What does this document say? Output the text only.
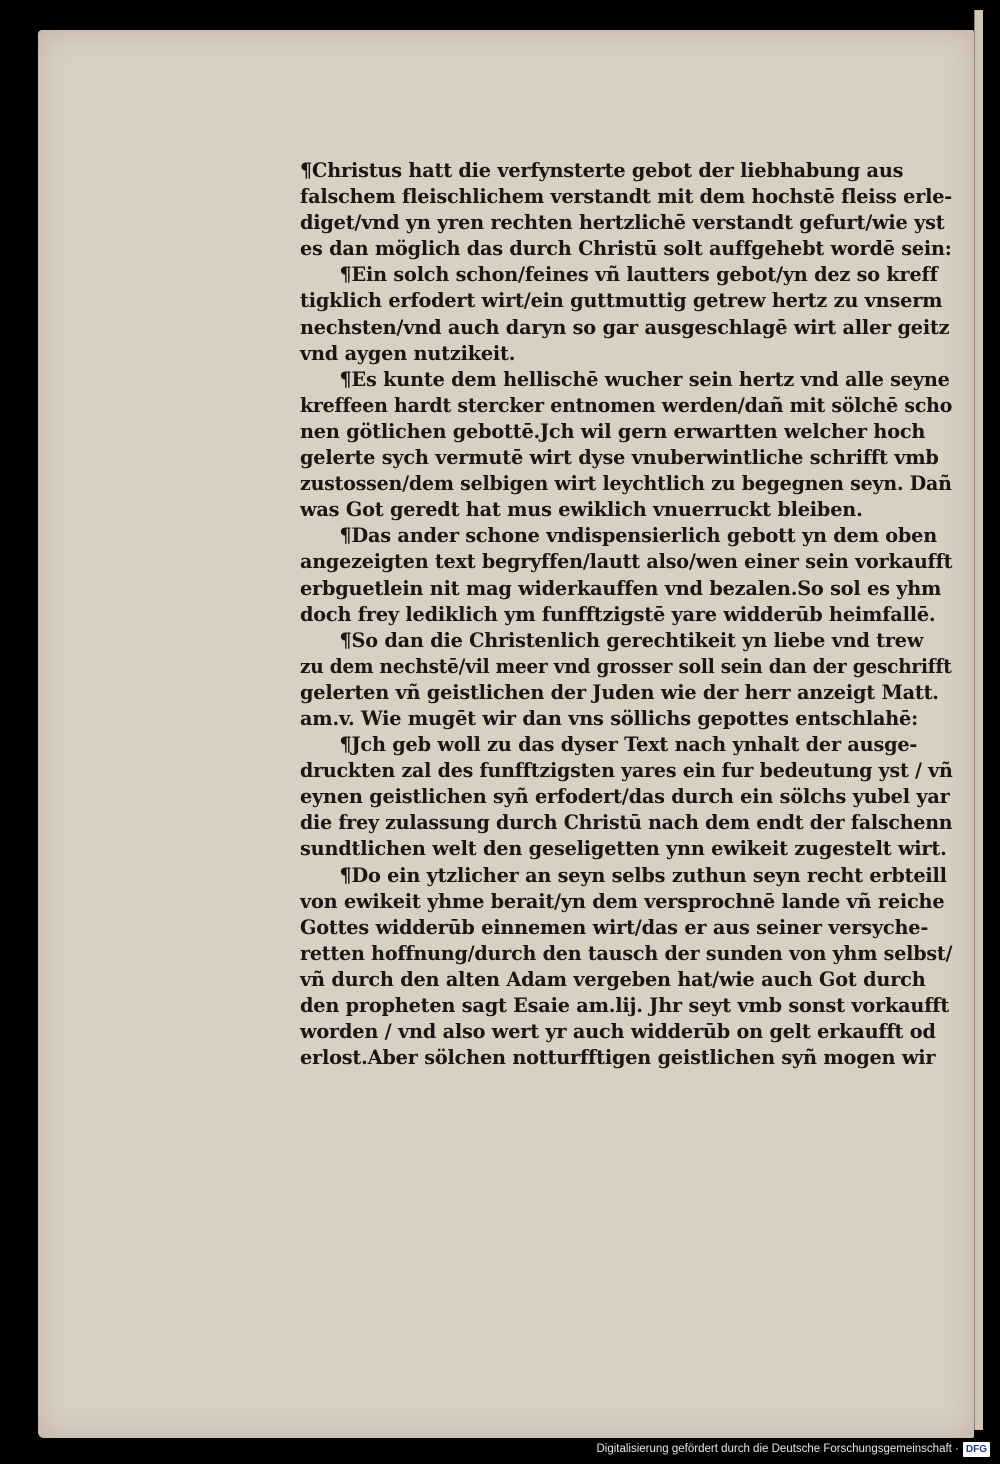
¶Christus hatt die verfynsterte gebot der liebhabung aus
falschem fleischlichem verstandt mit dem hochstē fleiss erle-
diget/vnd yn yren rechten hertzlichē verstandt gefurt/wie yst
es dan möglich das durch Christū solt auffgehebt wordē sein:
¶Ein solch schon/feines vñ lautters gebot/yn dez so kreff
tigklich erfodert wirt/ein guttmuttig getrew hertz zu vnserm
nechsten/vnd auch daryn so gar ausgeschlagē wirt aller geitz
vnd aygen nutzikeit.
¶Es kunte dem hellischē wucher sein hertz vnd alle seyne
kreffeen hardt stercker entnomen werden/dañ mit sölchē scho
nen götlichen gebottē.Jch wil gern erwartten welcher hoch
gelerte sych vermutē wirt dyse vnuberwintliche schrifft vmb
zustossen/dem selbigen wirt leychtlich zu begegnen seyn. Dañ
was Got geredt hat mus ewiklich vnuerruckt bleiben.
¶Das ander schone vndispensierlich gebott yn dem oben
angezeigten text begryffen/lautt also/wen einer sein vorkaufft
erbguetlein nit mag widerkauffen vnd bezalen.So sol es yhm
doch frey lediklich ym funfftzigstē yare widderūb heimfallē.
¶So dan die Christenlich gerechtikeit yn liebe vnd trew
zu dem nechstē/vil meer vnd grosser soll sein dan der geschrifft
gelerten vñ geistlichen der Juden wie der herr anzeigt Matt.
am.v. Wie mugēt wir dan vns söllichs gepottes entschlahē:
¶Jch geb woll zu das dyser Text nach ynhalt der ausge-
druckten zal des funfftzigsten yares ein fur bedeutung yst / vñ
eynen geistlichen syñ erfodert/das durch ein sölchs yubel yar
die frey zulassung durch Christū nach dem endt der falschenn
sundtlichen welt den geseligetten ynn ewikeit zugestelt wirt.
¶Do ein ytzlicher an seyn selbs zuthun seyn recht erbteill
von ewikeit yhme berait/yn dem versprochnē lande vñ reiche
Gottes widderūb einnemen wirt/das er aus seiner versyche-
retten hoffnung/durch den tausch der sunden von yhm selbst/
vñ durch den alten Adam vergeben hat/wie auch Got durch
den propheten sagt Esaie am.lij. Jhr seyt vmb sonst vorkaufft
worden / vnd also wert yr auch widderūb on gelt erkaufft od
erlost.Aber sölchen notturfftigen geistlichen syñ mogen wir
Digitalisierung gefördert durch die Deutsche Forschungsgemeinschaft · DFG
